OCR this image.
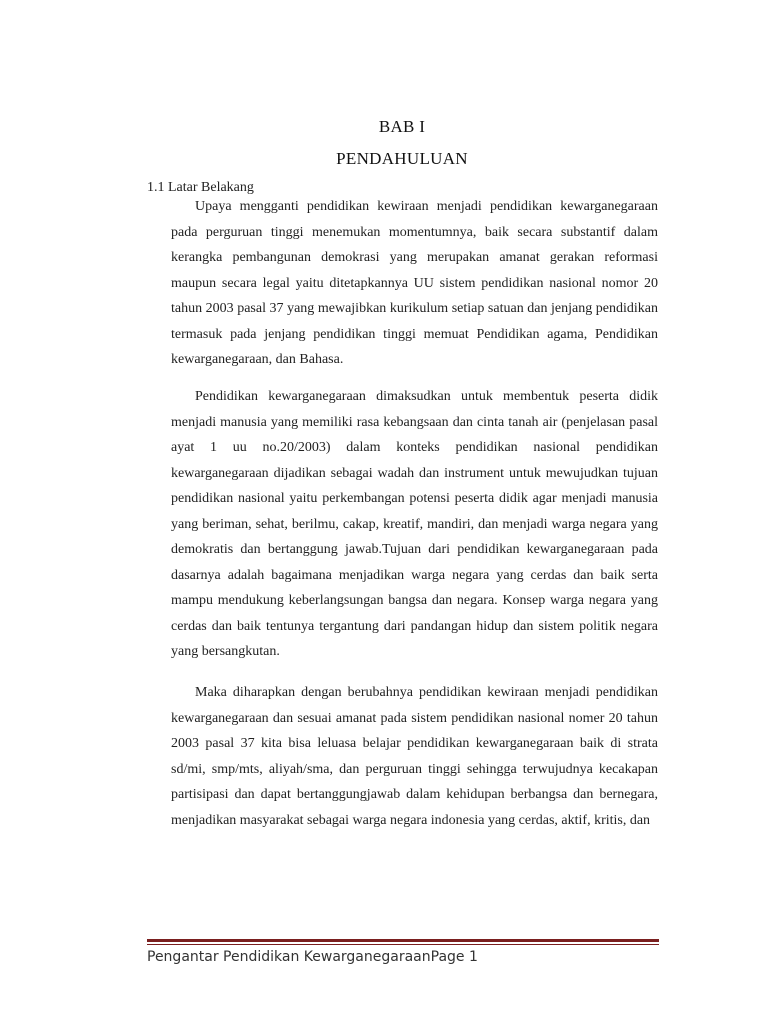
BAB I
PENDAHULUAN
1.1 Latar Belakang

Upaya mengganti pendidikan kewiraan menjadi pendidikan kewarganegaraan pada perguruan tinggi menemukan momentumnya, baik secara substantif dalam kerangka pembangunan demokrasi yang merupakan amanat gerakan reformasi maupun secara legal yaitu ditetapkannya UU sistem pendidikan nasional nomor 20 tahun 2003 pasal 37 yang mewajibkan kurikulum setiap satuan dan jenjang pendidikan termasuk pada jenjang pendidikan tinggi memuat Pendidikan agama, Pendidikan kewarganegaraan, dan Bahasa.

Pendidikan kewarganegaraan dimaksudkan untuk membentuk peserta didik menjadi manusia yang memiliki rasa kebangsaan dan cinta tanah air (penjelasan pasal ayat 1 uu no.20/2003) dalam konteks pendidikan nasional pendidikan kewarganegaraan dijadikan sebagai wadah dan instrument untuk mewujudkan tujuan pendidikan nasional yaitu perkembangan potensi peserta didik agar menjadi manusia yang beriman, sehat, berilmu, cakap, kreatif, mandiri, dan menjadi warga negara yang demokratis dan bertanggung jawab.Tujuan dari pendidikan kewarganegaraan pada dasarnya adalah bagaimana menjadikan warga negara yang cerdas dan baik serta mampu mendukung keberlangsungan bangsa dan negara. Konsep warga negara yang cerdas dan baik tentunya tergantung dari pandangan hidup dan sistem politik negara yang bersangkutan.

Maka diharapkan dengan berubahnya pendidikan kewiraan menjadi pendidikan kewarganegaraan dan sesuai amanat pada sistem pendidikan nasional nomer 20 tahun 2003 pasal 37 kita bisa leluasa belajar pendidikan kewarganegaraan baik di strata sd/mi, smp/mts, aliyah/sma, dan perguruan tinggi sehingga terwujudnya kecakapan partisipasi dan dapat bertanggungjawab dalam kehidupan berbangsa dan bernegara, menjadikan masyarakat sebagai warga negara indonesia yang cerdas, aktif, kritis, dan

Pengantar Pendidikan KewarganegaraanPage 1
